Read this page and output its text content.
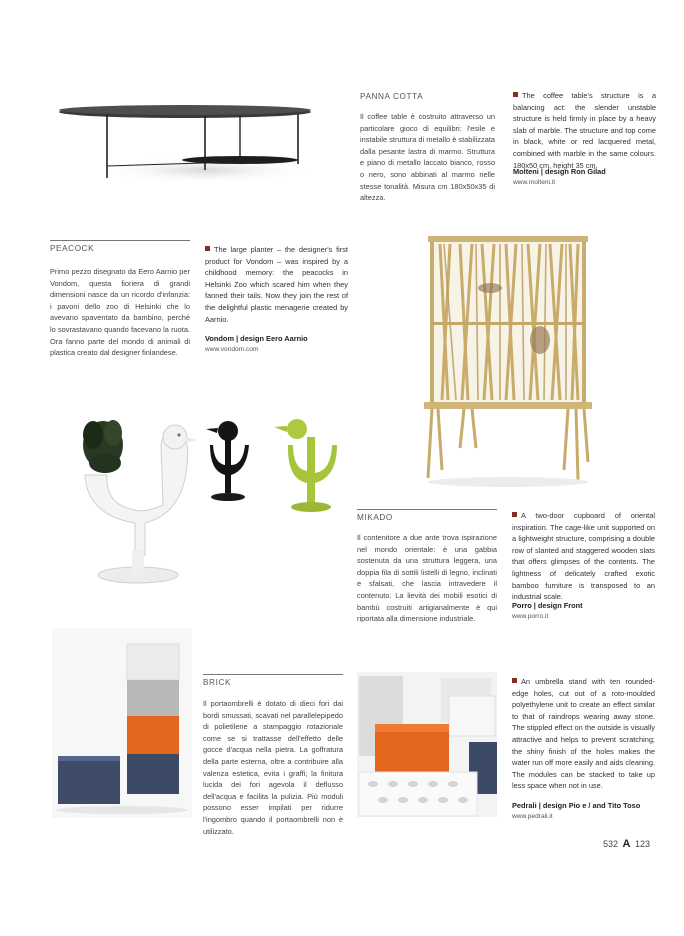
PANNA COTTA
Il coffee table è costruito attraverso un particolare gioco di equilibri: l'esile e instabile struttura di metallo è stabilizzata dalla pesante lastra di marmo. Struttura e piano di metallo laccato bianco, rosso o nero, sono abbinati al marmo nelle stesse tonalità. Misura cm 180x50x35 di altezza.
The coffee table's structure is a balancing act: the slender unstable structure is held firmly in place by a heavy slab of marble. The structure and top come in black, white or red lacquered metal, combined with marble in the same colours. 180x50 cm, height 35 cm.
Molteni | design Ron Gilad
www.molteni.it
PEACOCK
Primo pezzo disegnato da Eero Aarnio per Vondom, questa fioriera di grandi dimensioni nasce da un ricordo d'infanzia: i pavoni dello zoo di Helsinki che lo avevano spaventato da bambino, perché lo sovrastavano quando facevano la ruota. Ora fanno parte del mondo di animali di plastica creato dal designer finlandese.
The large planter – the designer's first product for Vondom – was inspired by a childhood memory: the peacocks in Helsinki Zoo which scared him when they fanned their tails. Now they join the rest of the delightful plastic menagerie created by Aarnio.
Vondom | design Eero Aarnio
www.vondom.com
MIKADO
Il contenitore a due ante trova ispirazione nel mondo orientale: è una gabbia sostenuta da una struttura leggera, una doppia fila di sottili listelli di legno, inclinati e sfalsati, che lascia intravedere il contenuto. La lievità dei mobili esotici di bambù costruiti artigianalmente è qui riportata alla dimensione industriale.
A two-door cupboard of oriental inspiration. The cage-like unit supported on a lightweight structure, comprising a double row of slanted and staggered wooden slats that offers glimpses of the contents. The lightness of delicately crafted exotic bamboo furniture is transposed to an industrial scale.
Porro | design Front
www.porro.it
BRICK
Il portaombrelli è dotato di dieci fori dai bordi smussati, scavati nel parallelepipedo di polietilene a stampaggio rotazionale come se si trattasse dell'effetto delle gocce d'acqua nella pietra. La goffratura della parte esterna, oltre a contribuire alla valenza estetica, evita i graffi; la finitura lucida dei fori agevola il deflusso dell'acqua e facilita la pulizia. Più moduli possono esser impilati per ridurre l'ingombro quando il portaombrelli non è utilizzato.
An umbrella stand with ten rounded-edge holes, cut out of a roto-moulded polyethylene unit to create an effect similar to that of raindrops wearing away stone. The stippled effect on the outside is visually attractive and helps to prevent scratching; the shiny finish of the holes makes the water run off more easily and aids cleaning. The modules can be stacked to take up less space when not in use.
Pedrali | design Pio e / and Tito Toso
www.pedrali.it
532 A 123
